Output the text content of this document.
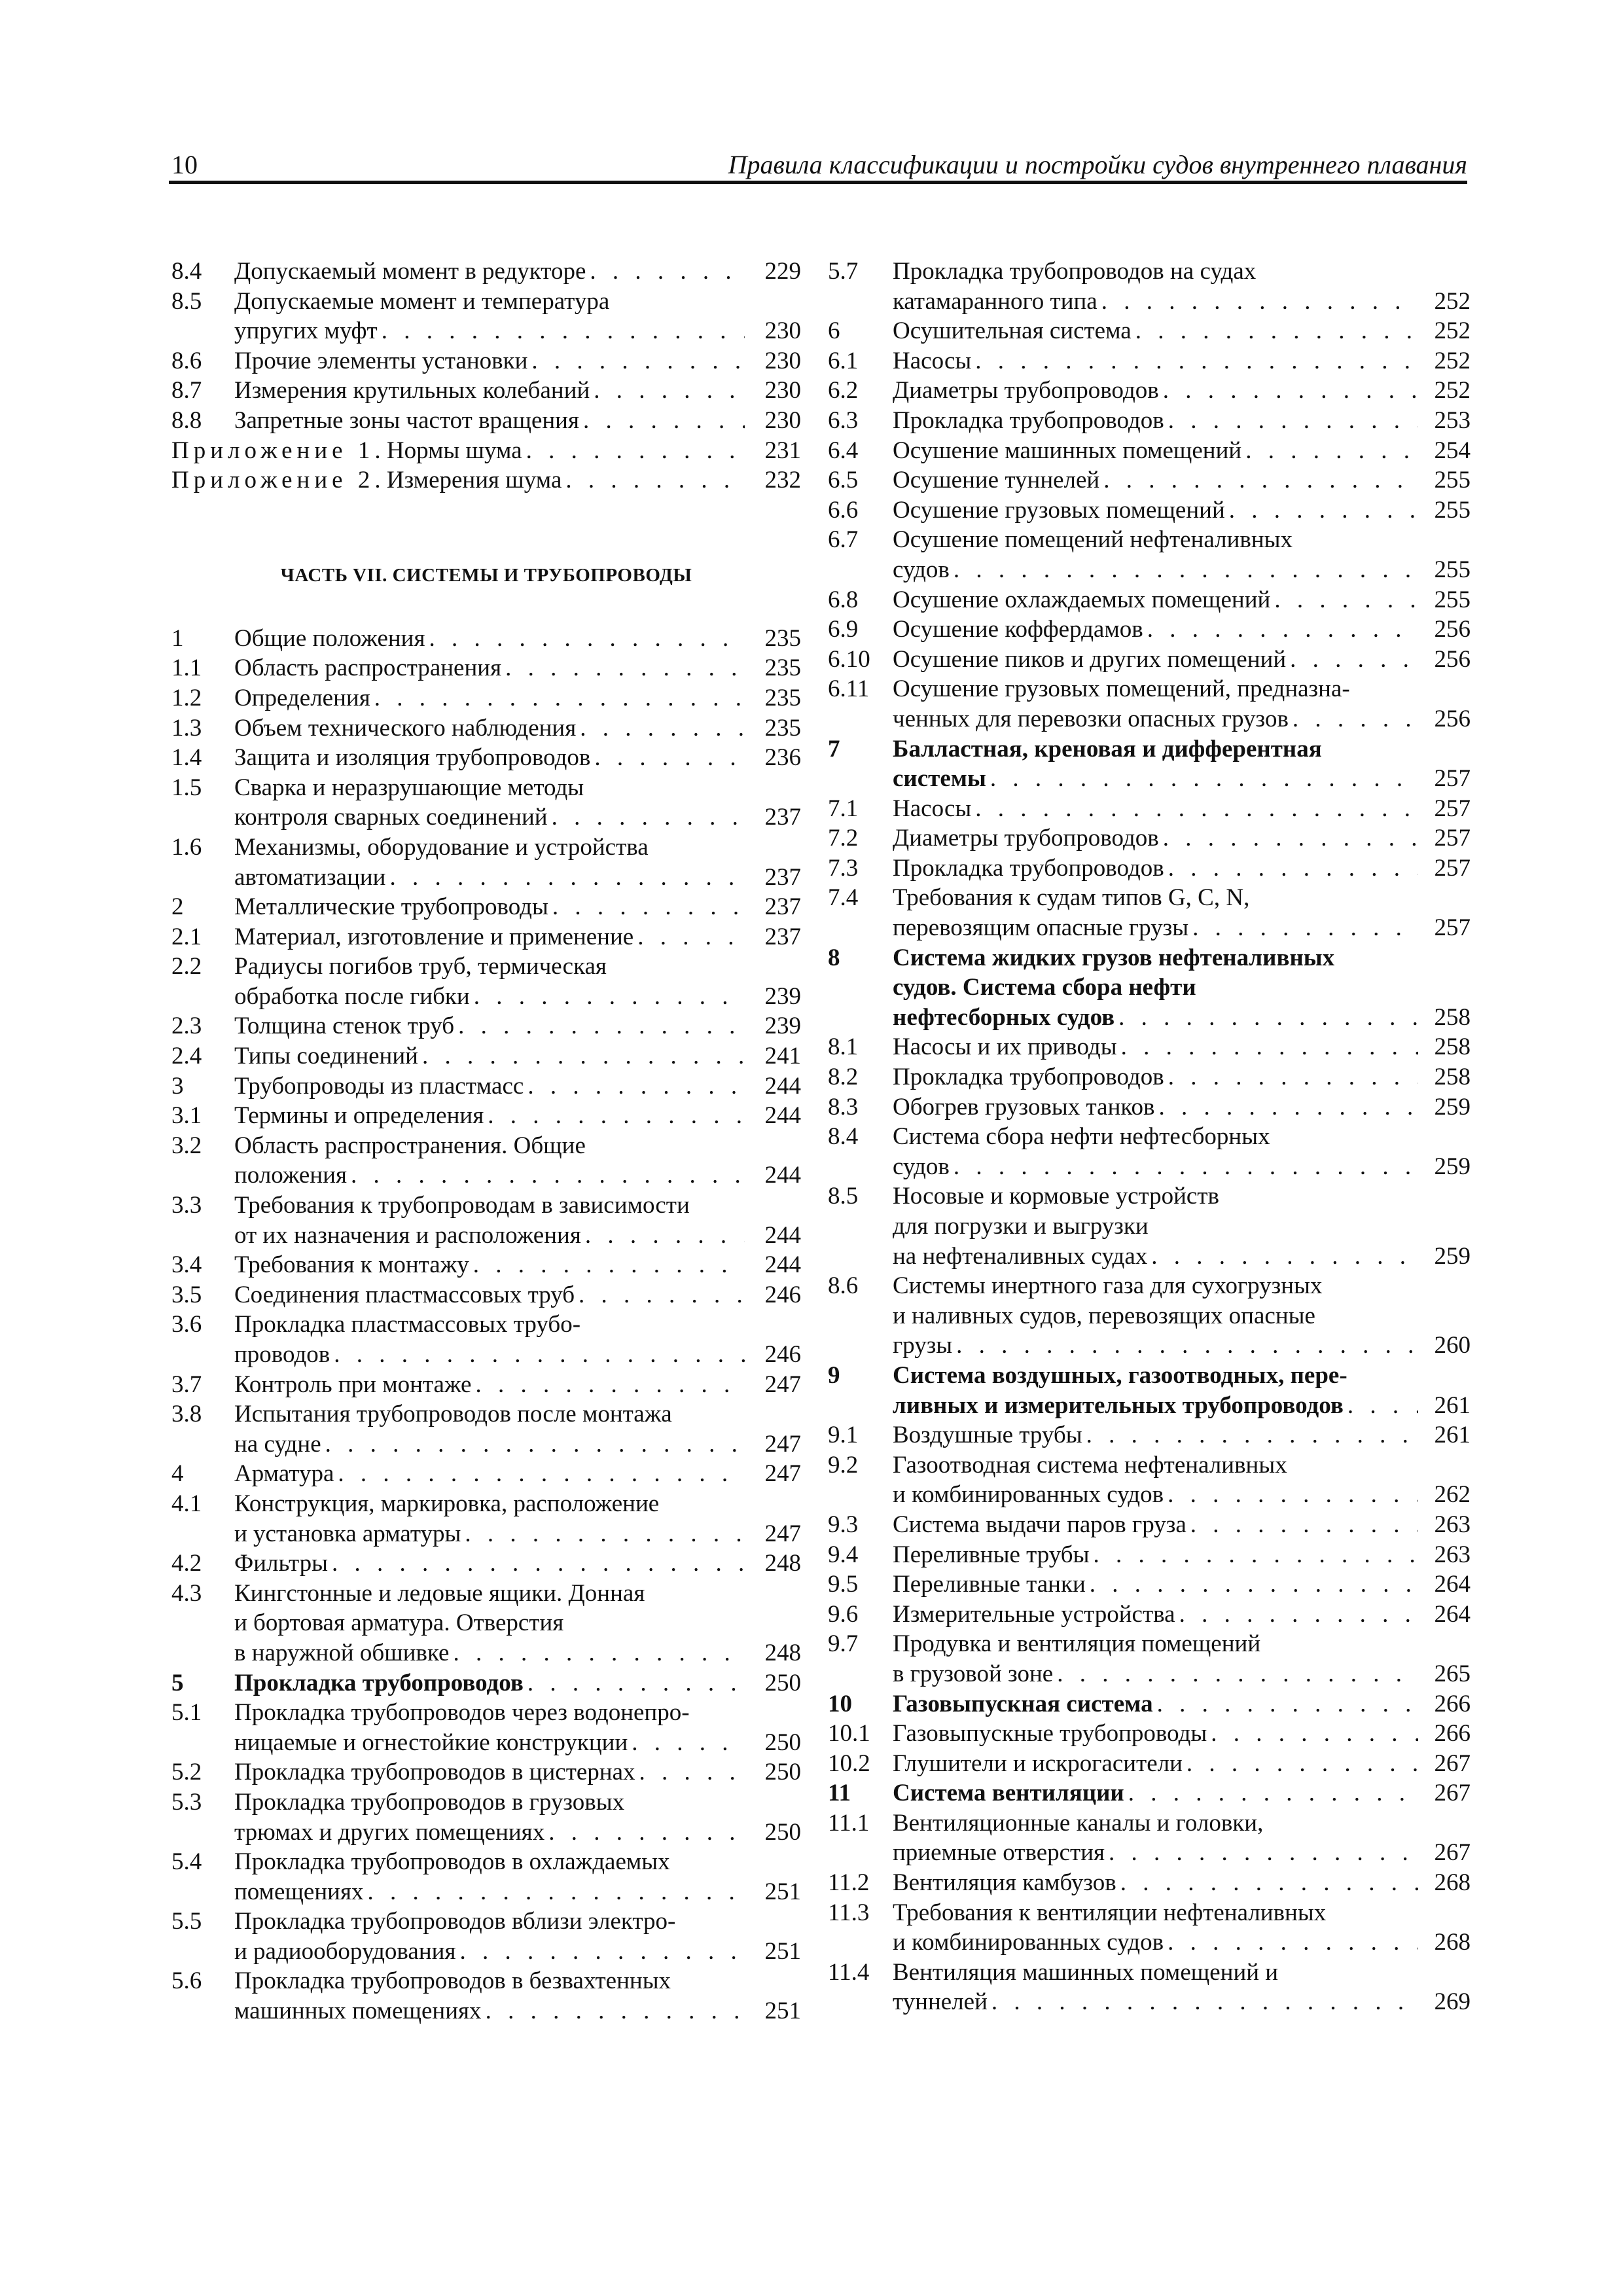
10	Правила классификации и постройки судов внутреннего плавания
8.4	Допускаемый момент в редукторе . . .	229
8.5	Допускаемые момент и температура
упругих муфт . . .	230
8.6	Прочие элементы установки . . .	230
8.7	Измерения крутильных колебаний . . .	230
8.8	Запретные зоны частот вращения . . .	230
Приложение 1. Нормы шума . . .	231
Приложение 2. Измерения шума . . .	232
ЧАСТЬ VII. СИСТЕМЫ И ТРУБОПРОВОДЫ
1	Общие положения . . .	235
1.1	Область распространения . . .	235
1.2	Определения . . .	235
1.3	Объем технического наблюдения . . .	235
1.4	Защита и изоляция трубопроводов . . .	236
1.5	Сварка и неразрушающие методы
контроля сварных соединений . . .	237
1.6	Механизмы, оборудование и устройства
автоматизации . . .	237
2	Металлические трубопроводы . . .	237
2.1	Материал, изготовление и применение . . .	237
2.2	Радиусы погибов труб, термическая
обработка после гибки . . .	239
2.3	Толщина стенок труб . . .	239
2.4	Типы соединений . . .	241
3	Трубопроводы из пластмасс . . .	244
3.1	Термины и определения . . .	244
3.2	Область распространения. Общие
положения . . .	244
3.3	Требования к трубопроводам в зависимости
от их назначения и расположения . . .	244
3.4	Требования к монтажу . . .	244
3.5	Соединения пластмассовых труб . . .	246
3.6	Прокладка пластмассовых трубо-
проводов . . .	246
3.7	Контроль при монтаже . . .	247
3.8	Испытания трубопроводов после монтажа
на судне . . .	247
4	Арматура . . .	247
4.1	Конструкция, маркировка, расположение
и установка арматуры . . .	247
4.2	Фильтры . . .	248
4.3	Кингстонные и ледовые ящики. Донная
и бортовая арматура. Отверстия
в наружной обшивке . . .	248
5	Прокладка трубопроводов . . .	250
5.1	Прокладка трубопроводов через водонепро-
ницаемые и огнестойкие конструкции . . .	250
5.2	Прокладка трубопроводов в цистернах . . .	250
5.3	Прокладка трубопроводов в грузовых
трюмах и других помещениях . . .	250
5.4	Прокладка трубопроводов в охлаждаемых
помещениях . . .	251
5.5	Прокладка трубопроводов вблизи электро-
и радиооборудования . . .	251
5.6	Прокладка трубопроводов в безвахтенных
машинных помещениях . . .	251
5.7	Прокладка трубопроводов на судах
катамаранного типа . . .	252
6	Осушительная система . . .	252
6.1	Насосы . . .	252
6.2	Диаметры трубопроводов . . .	252
6.3	Прокладка трубопроводов . . .	253
6.4	Осушение машинных помещений . . .	254
6.5	Осушение туннелей . . .	255
6.6	Осушение грузовых помещений . . .	255
6.7	Осушение помещений нефтеналивных
судов . . .	255
6.8	Осушение охлаждаемых помещений . . .	255
6.9	Осушение коффердамов . . .	256
6.10 Осушение пиков и других помещений . . .	256
6.11 Осушение грузовых помещений, предназна-
ченных для перевозки опасных грузов . . .	256
7	Балластная, креновая и дифферентная
системы . . .	257
7.1	Насосы . . .	257
7.2	Диаметры трубопроводов . . .	257
7.3	Прокладка трубопроводов . . .	257
7.4	Требования к судам типов G, C, N,
перевозящим опасные грузы . . .	257
8	Система жидких грузов нефтеналивных
судов. Система сбора нефти
нефтесборных судов . . .	258
8.1	Насосы и их приводы . . .	258
8.2	Прокладка трубопроводов . . .	258
8.3	Обогрев грузовых танков . . .	259
8.4	Система сбора нефти нефтесборных
судов . . .	259
8.5	Носовые и кормовые устройств
для погрузки и выгрузки
на нефтеналивных судах . . .	259
8.6	Системы инертного газа для сухогрузных
и наливных судов, перевозящих опасные
грузы . . .	260
9	Система воздушных, газоотводных, пере-
ливных и измерительных трубопроводов . . .	261
9.1	Воздушные трубы . . .	261
9.2	Газоотводная система нефтеналивных
и комбинированных судов . . .	262
9.3	Система выдачи паров груза . . .	263
9.4	Переливные трубы . . .	263
9.5	Переливные танки . . .	264
9.6	Измерительные устройства . . .	264
9.7	Продувка и вентиляция помещений
в грузовой зоне . . .	265
10	Газовыпускная система . . .	266
10.1 Газовыпускные трубопроводы . . .	266
10.2 Глушители и искрогасители . . .	267
11	Система вентиляции . . .	267
11.1 Вентиляционные каналы и головки,
приемные отверстия . . .	267
11.2 Вентиляция камбузов . . .	268
11.3 Требования к вентиляции нефтеналивных
и комбинированных судов . . .	268
11.4 Вентиляция машинных помещений и
туннелей . . .	269
